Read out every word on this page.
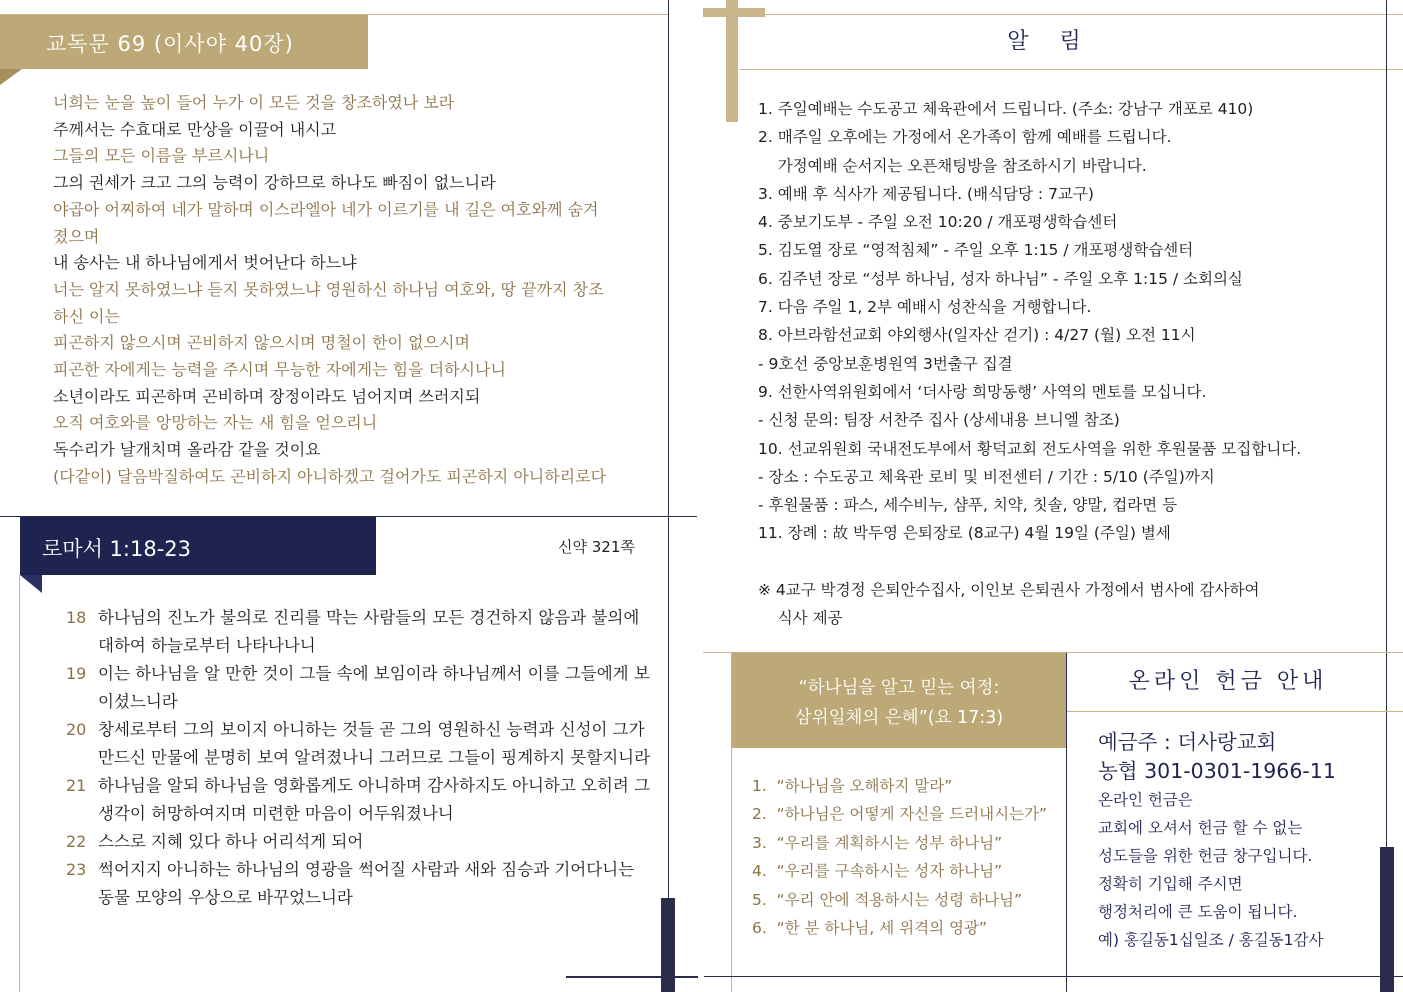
교독문 69 (이사야 40장)
너희는 눈을 높이 들어 누가 이 모든 것을 창조하였나 보라
주께서는 수효대로 만상을 이끌어 내시고
그들의 모든 이름을 부르시나니
그의 권세가 크고 그의 능력이 강하므로 하나도 빠짐이 없느니라
야곱아 어찌하여 네가 말하며 이스라엘아 네가 이르기를 내 길은 여호와께 숨겨
졌으며
내 송사는 내 하나님에게서 벗어난다 하느냐
너는 알지 못하였느냐 듣지 못하였느냐 영원하신 하나님 여호와, 땅 끝까지 창조
하신 이는
피곤하지 않으시며 곤비하지 않으시며 명철이 한이 없으시며
피곤한 자에게는 능력을 주시며 무능한 자에게는 힘을 더하시나니
소년이라도 피곤하며 곤비하며 장정이라도 넘어지며 쓰러지되
오직 여호와를 앙망하는 자는 새 힘을 얻으리니
독수리가 날개치며 올라감 같을 것이요
(다같이) 달음박질하여도 곤비하지 아니하겠고 걸어가도 피곤하지 아니하리로다
로마서 1:18-23	신약 321쪽
18 하나님의 진노가 불의로 진리를 막는 사람들의 모든 경건하지 않음과 불의에 대하여 하늘로부터 나타나나니
19 이는 하나님을 알 만한 것이 그들 속에 보임이라 하나님께서 이를 그들에게 보이셨느니라
20 창세로부터 그의 보이지 아니하는 것들 곧 그의 영원하신 능력과 신성이 그가 만드신 만물에 분명히 보여 알려졌나니 그러므로 그들이 핑계하지 못할지니라
21 하나님을 알되 하나님을 영화롭게도 아니하며 감사하지도 아니하고 오히려 그 생각이 허망하여지며 미련한 마음이 어두워졌나니
22 스스로 지혜 있다 하나 어리석게 되어
23 썩어지지 아니하는 하나님의 영광을 썩어질 사람과 새와 짐승과 기어다니는 동물 모양의 우상으로 바꾸었느니라
알 림
1. 주일예배는 수도공고 체육관에서 드립니다. (주소: 강남구 개포로 410)
2. 매주일 오후에는 가정에서 온가족이 함께 예배를 드립니다.
가정예배 순서지는 오픈채팅방을 참조하시기 바랍니다.
3. 예배 후 식사가 제공됩니다. (배식담당 : 7교구)
4. 중보기도부 - 주일 오전 10:20 / 개포평생학습센터
5. 김도열 장로 “영적침체” - 주일 오후 1:15 / 개포평생학습센터
6. 김주년 장로 “성부 하나님, 성자 하나님” - 주일 오후 1:15 / 소회의실
7. 다음 주일 1, 2부 예배시 성찬식을 거행합니다.
8. 아브라함선교회 야외행사(일자산 걷기) : 4/27 (월) 오전 11시
- 9호선 중앙보훈병원역 3번출구 집결
9. 선한사역위원회에서 ‘더사랑 희망동행’ 사역의 멘토를 모십니다.
- 신청 문의: 팀장 서찬주 집사 (상세내용 브니엘 참조)
10. 선교위원회 국내전도부에서 황덕교회 전도사역을 위한 후원물품 모집합니다.
- 장소 : 수도공고 체육관 로비 및 비전센터 / 기간 : 5/10 (주일)까지
- 후원물품 : 파스, 세수비누, 샴푸, 치약, 칫솔, 양말, 컵라면 등
11. 장례 : 故 박두영 은퇴장로 (8교구) 4월 19일 (주일) 별세
※ 4교구 박경정 은퇴안수집사, 이인보 은퇴권사 가정에서 범사에 감사하여
식사 제공
“하나님을 알고 믿는 여정:
삼위일체의 은혜”(요 17:3)
1.  “하나님을 오해하지 말라”
2.  “하나님은 어떻게 자신을 드러내시는가”
3.  “우리를 계획하시는 성부 하나님”
4.  “우리를 구속하시는 성자 하나님”
5.  “우리 안에 적용하시는 성령 하나님”
6.  “한 분 하나님, 세 위격의 영광”
온라인 헌금 안내
예금주 : 더사랑교회
농협 301-0301-1966-11
온라인 헌금은
교회에 오셔서 헌금 할 수 없는
성도들을 위한 헌금 창구입니다.
정확히 기입해 주시면
행정처리에 큰 도움이 됩니다.
예) 홍길동1십일조 / 홍길동1감사
